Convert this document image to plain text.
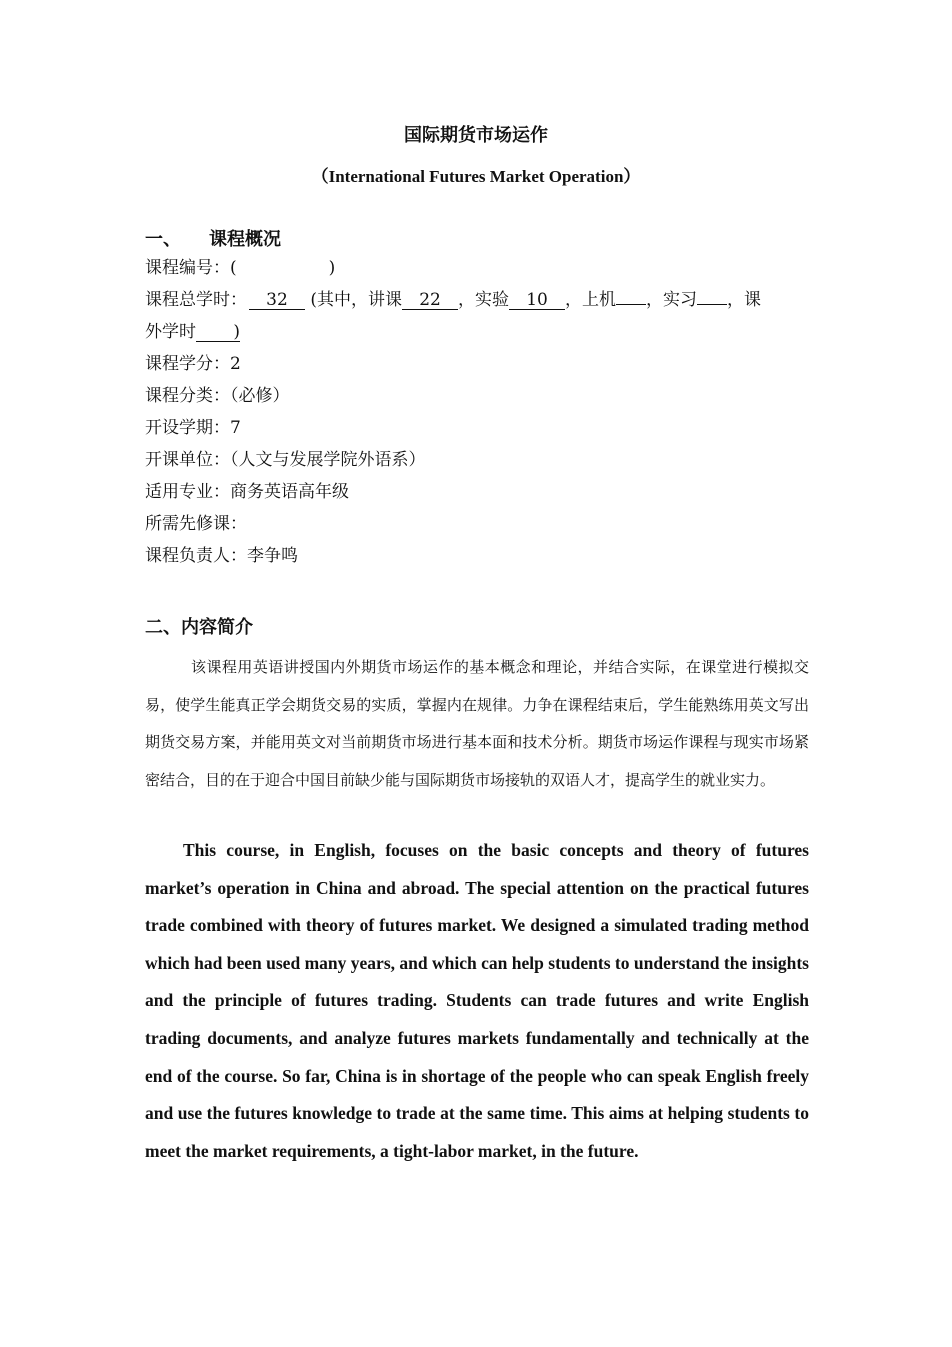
国际期货市场运作
（International Futures Market Operation）
一、 课程概况
课程编号：(	)
课程总学时： 32 (其中，讲课 22 ，实验 10 ，上机 ，实习 ，课
外学时 )
课程学分：2
课程分类：（必修）
开设学期：7
开课单位：（人文与发展学院外语系）
适用专业：商务英语高年级
所需先修课：
课程负责人：李争鸣
二、内容简介
该课程用英语讲授国内外期货市场运作的基本概念和理论，并结合实际，在课堂进行模拟交易，使学生能真正学会期货交易的实质，掌握内在规律。力争在课程结束后，学生能熟练用英文写出期货交易方案，并能用英文对当前期货市场进行基本面和技术分析。期货市场运作课程与现实市场紧密结合，目的在于迎合中国目前缺少能与国际期货市场接轨的双语人才，提高学生的就业实力。
This course, in English, focuses on the basic concepts and theory of futures market’s operation in China and abroad. The special attention on the practical futures trade combined with theory of futures market. We designed a simulated trading method which had been used many years, and which can help students to understand the insights and the principle of futures trading. Students can trade futures and write English trading documents, and analyze futures markets fundamentally and technically at the end of the course. So far, China is in shortage of the people who can speak English freely and use the futures knowledge to trade at the same time. This aims at helping students to meet the market requirements, a tight-labor market, in the future.
